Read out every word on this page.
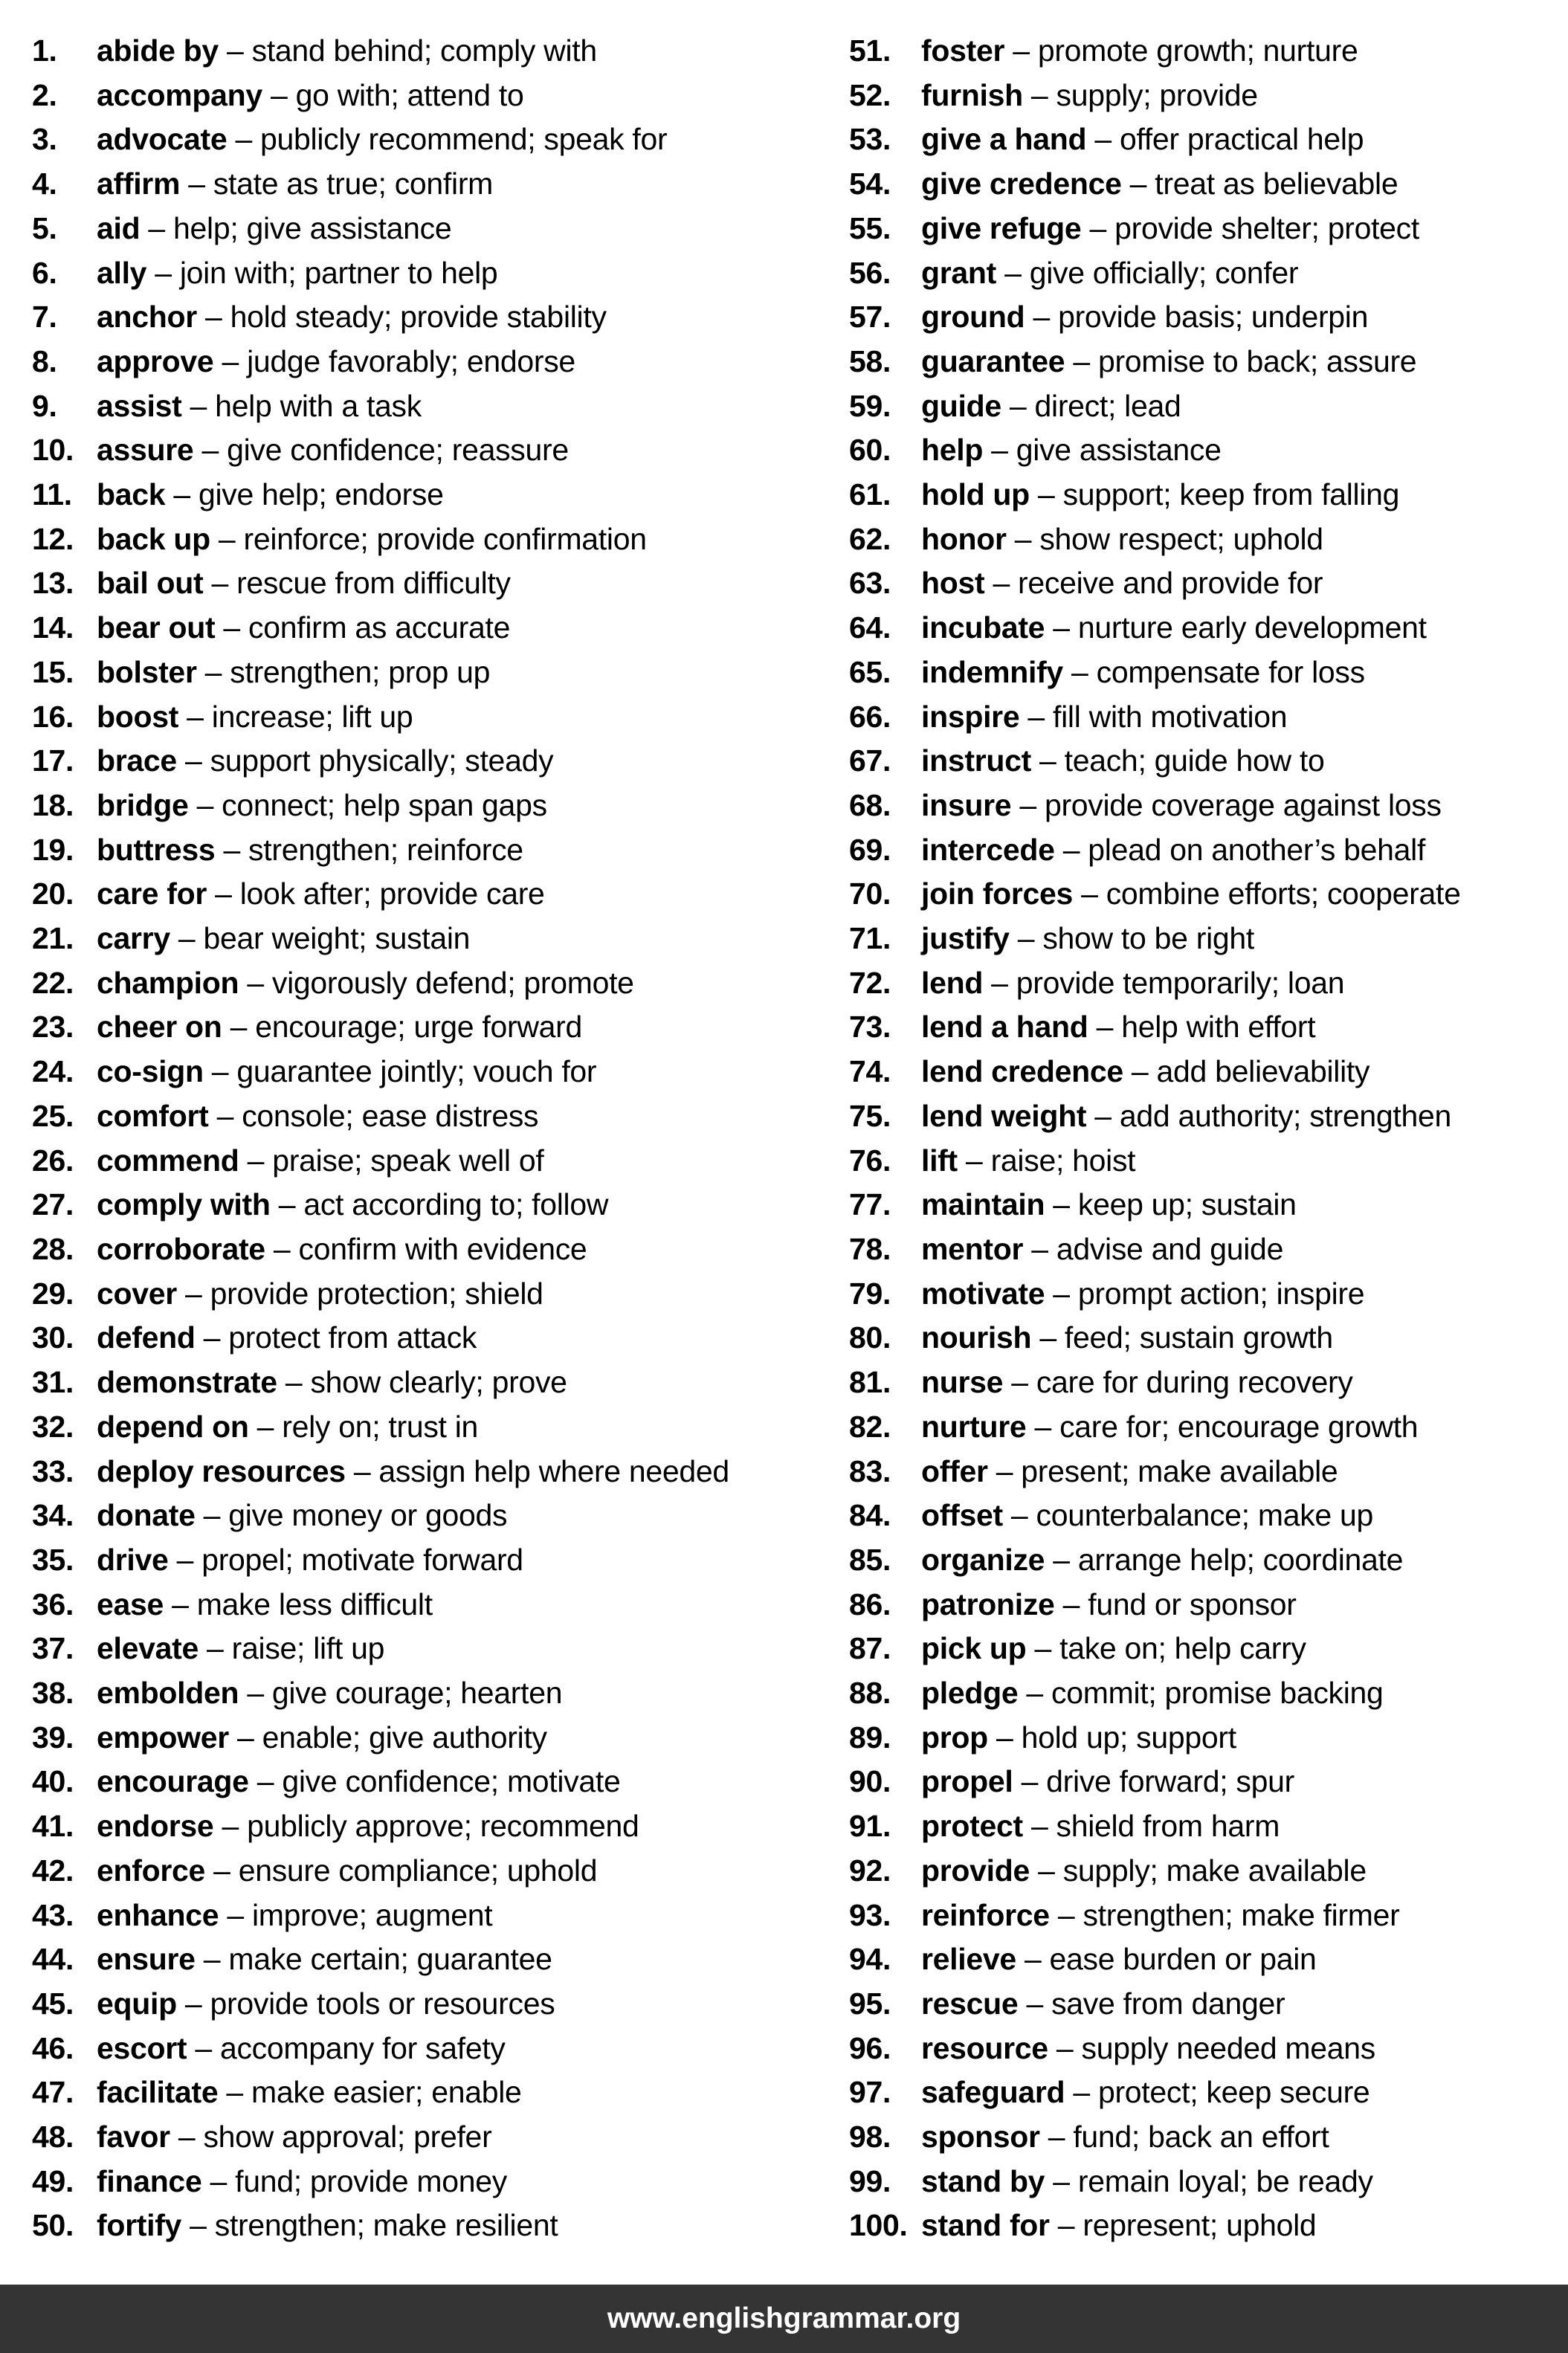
1. abide by – stand behind; comply with
2. accompany – go with; attend to
3. advocate – publicly recommend; speak for
4. affirm – state as true; confirm
5. aid – help; give assistance
6. ally – join with; partner to help
7. anchor – hold steady; provide stability
8. approve – judge favorably; endorse
9. assist – help with a task
10. assure – give confidence; reassure
11. back – give help; endorse
12. back up – reinforce; provide confirmation
13. bail out – rescue from difficulty
14. bear out – confirm as accurate
15. bolster – strengthen; prop up
16. boost – increase; lift up
17. brace – support physically; steady
18. bridge – connect; help span gaps
19. buttress – strengthen; reinforce
20. care for – look after; provide care
21. carry – bear weight; sustain
22. champion – vigorously defend; promote
23. cheer on – encourage; urge forward
24. co-sign – guarantee jointly; vouch for
25. comfort – console; ease distress
26. commend – praise; speak well of
27. comply with – act according to; follow
28. corroborate – confirm with evidence
29. cover – provide protection; shield
30. defend – protect from attack
31. demonstrate – show clearly; prove
32. depend on – rely on; trust in
33. deploy resources – assign help where needed
34. donate – give money or goods
35. drive – propel; motivate forward
36. ease – make less difficult
37. elevate – raise; lift up
38. embolden – give courage; hearten
39. empower – enable; give authority
40. encourage – give confidence; motivate
41. endorse – publicly approve; recommend
42. enforce – ensure compliance; uphold
43. enhance – improve; augment
44. ensure – make certain; guarantee
45. equip – provide tools or resources
46. escort – accompany for safety
47. facilitate – make easier; enable
48. favor – show approval; prefer
49. finance – fund; provide money
50. fortify – strengthen; make resilient
51. foster – promote growth; nurture
52. furnish – supply; provide
53. give a hand – offer practical help
54. give credence – treat as believable
55. give refuge – provide shelter; protect
56. grant – give officially; confer
57. ground – provide basis; underpin
58. guarantee – promise to back; assure
59. guide – direct; lead
60. help – give assistance
61. hold up – support; keep from falling
62. honor – show respect; uphold
63. host – receive and provide for
64. incubate – nurture early development
65. indemnify – compensate for loss
66. inspire – fill with motivation
67. instruct – teach; guide how to
68. insure – provide coverage against loss
69. intercede – plead on another’s behalf
70. join forces – combine efforts; cooperate
71. justify – show to be right
72. lend – provide temporarily; loan
73. lend a hand – help with effort
74. lend credence – add believability
75. lend weight – add authority; strengthen
76. lift – raise; hoist
77. maintain – keep up; sustain
78. mentor – advise and guide
79. motivate – prompt action; inspire
80. nourish – feed; sustain growth
81. nurse – care for during recovery
82. nurture – care for; encourage growth
83. offer – present; make available
84. offset – counterbalance; make up
85. organize – arrange help; coordinate
86. patronize – fund or sponsor
87. pick up – take on; help carry
88. pledge – commit; promise backing
89. prop – hold up; support
90. propel – drive forward; spur
91. protect – shield from harm
92. provide – supply; make available
93. reinforce – strengthen; make firmer
94. relieve – ease burden or pain
95. rescue – save from danger
96. resource – supply needed means
97. safeguard – protect; keep secure
98. sponsor – fund; back an effort
99. stand by – remain loyal; be ready
100. stand for – represent; uphold
www.englishgrammar.org
